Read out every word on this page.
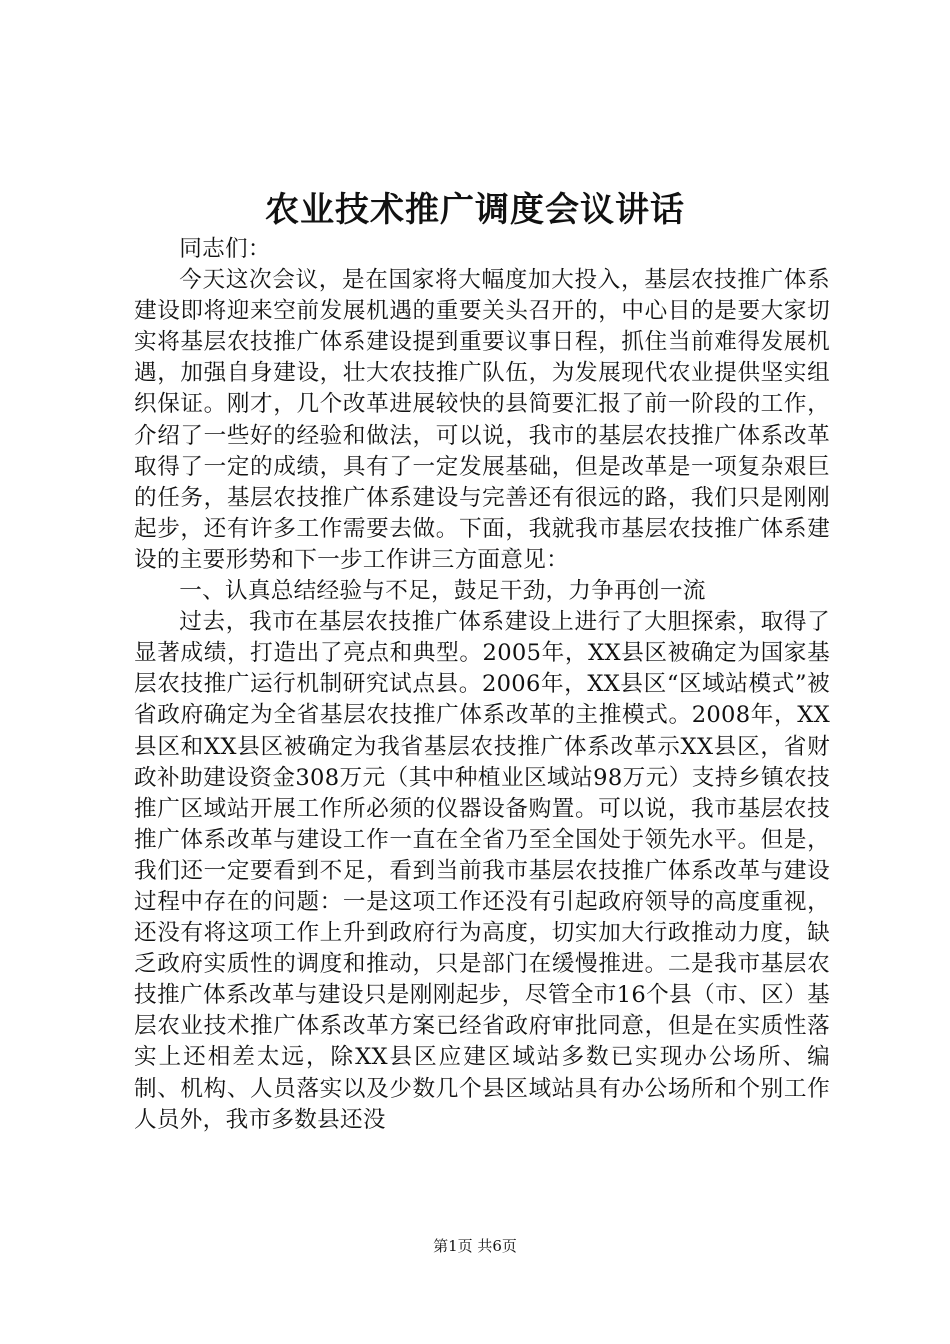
农业技术推广调度会议讲话

同志们：

今天这次会议，是在国家将大幅度加大投入，基层农技推广体系建设即将迎来空前发展机遇的重要关头召开的，中心目的是要大家切实将基层农技推广体系建设提到重要议事日程，抓住当前难得发展机遇，加强自身建设，壮大农技推广队伍，为发展现代农业提供坚实组织保证。刚才，几个改革进展较快的县简要汇报了前一阶段的工作，介绍了一些好的经验和做法，可以说，我市的基层农技推广体系改革取得了一定的成绩，具有了一定发展基础，但是改革是一项复杂艰巨的任务，基层农技推广体系建设与完善还有很远的路，我们只是刚刚起步，还有许多工作需要去做。下面，我就我市基层农技推广体系建设的主要形势和下一步工作讲三方面意见：

一、认真总结经验与不足，鼓足干劲，力争再创一流

过去，我市在基层农技推广体系建设上进行了大胆探索，取得了显著成绩，打造出了亮点和典型。2005年，XX县区被确定为国家基层农技推广运行机制研究试点县。2006年，XX县区“区域站模式”被省政府确定为全省基层农技推广体系改革的主推模式。2008年，XX县区和XX县区被确定为我省基层农技推广体系改革示XX县区，省财政补助建设资金308万元（其中种植业区域站98万元）支持乡镇农技推广区域站开展工作所必须的仪器设备购置。可以说，我市基层农技推广体系改革与建设工作一直在全省乃至全国处于领先水平。但是，我们还一定要看到不足，看到当前我市基层农技推广体系改革与建设过程中存在的问题：一是这项工作还没有引起政府领导的高度重视，还没有将这项工作上升到政府行为高度，切实加大行政推动力度，缺乏政府实质性的调度和推动，只是部门在缓慢推进。二是我市基层农技推广体系改革与建设只是刚刚起步，尽管全市16个县（市、区）基层农业技术推广体系改革方案已经省政府审批同意，但是在实质性落实上还相差太远，除XX县区应建区域站多数已实现办公场所、编制、机构、人员落实以及少数几个县区域站具有办公场所和个别工作人员外，我市多数县还没

第1页 共6页
